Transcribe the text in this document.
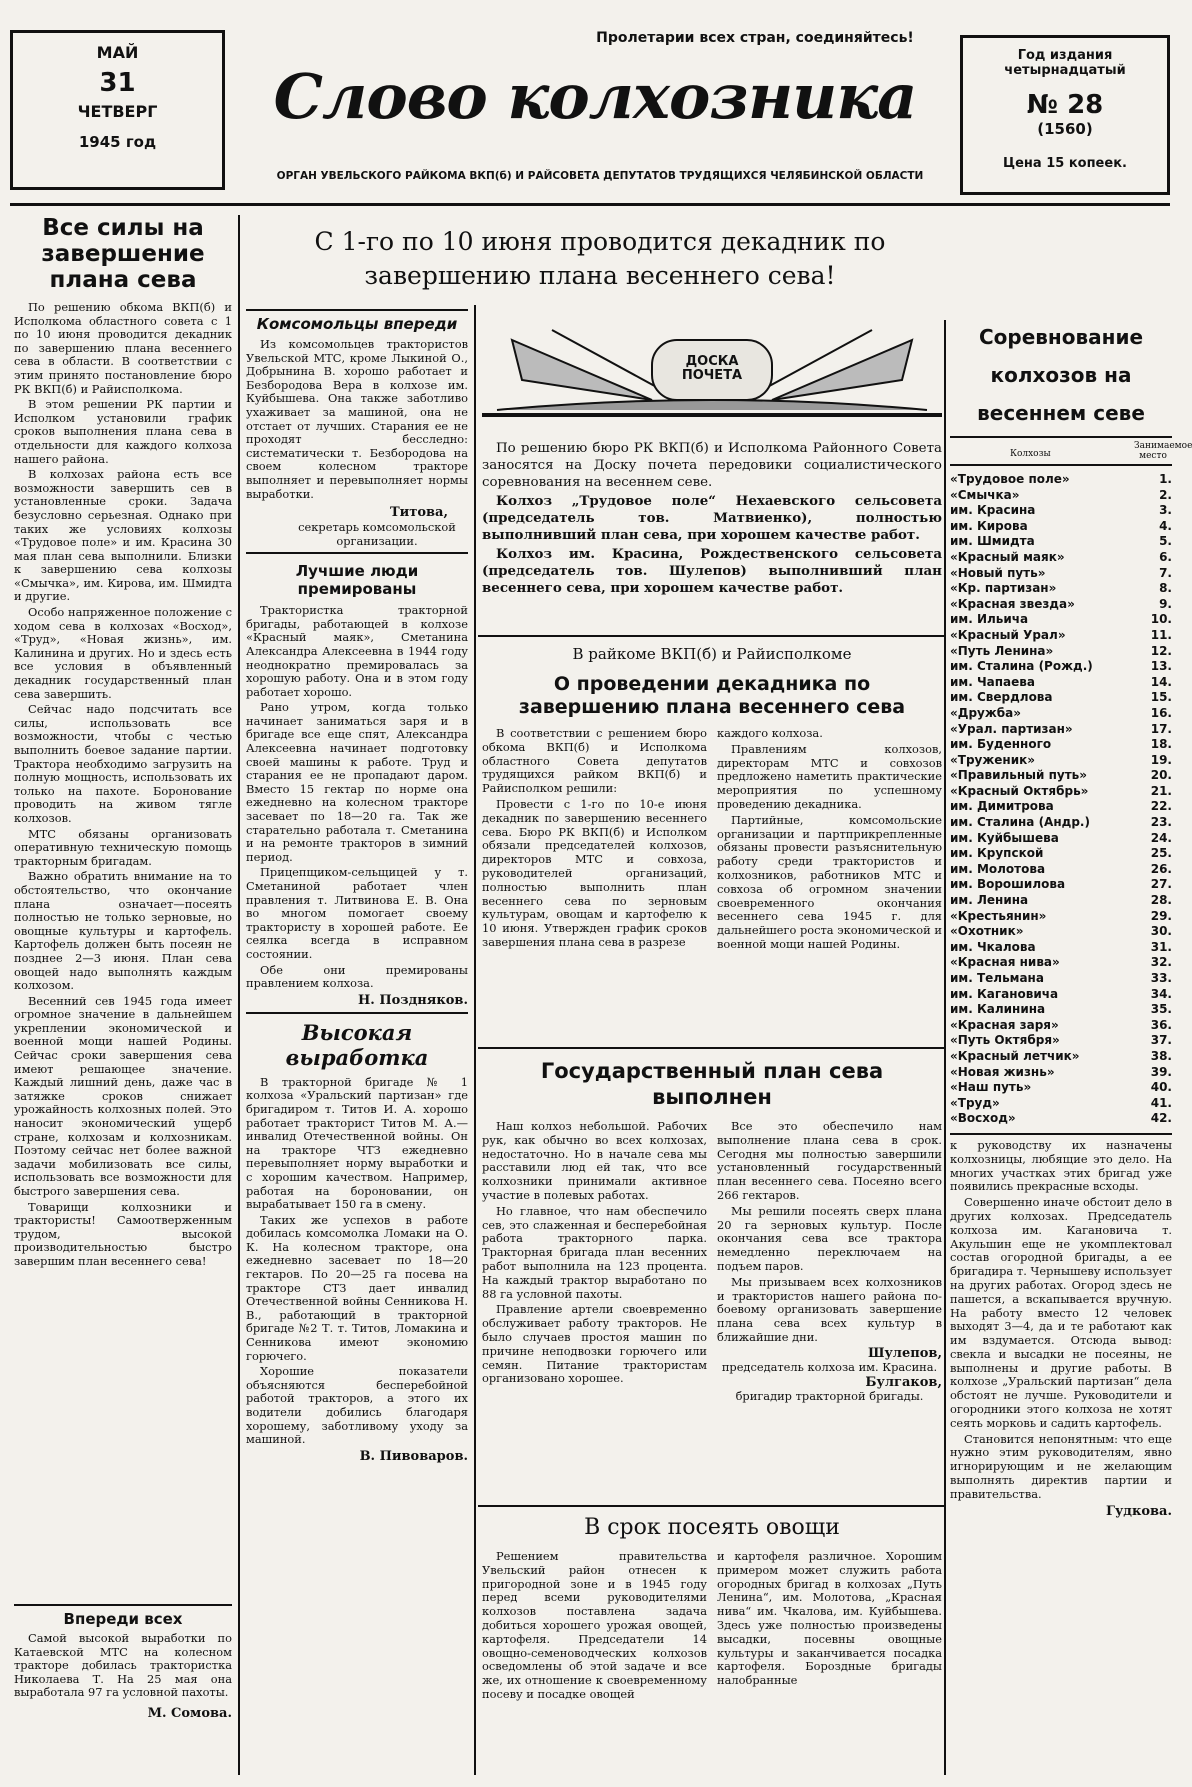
МАЙ
31
ЧЕТВЕРГ
1945 год
Пролетарии всех стран, соединяйтесь!
Слово колхозника
ОРГАН УВЕЛЬСКОГО РАЙКОМА ВКП(б) И РАЙСОВЕТА ДЕПУТАТОВ ТРУДЯЩИХСЯ ЧЕЛЯБИНСКОЙ ОБЛАСТИ
Год издания
четырнадцатый
№ 28
(1560)
Цена 15 копеек.
Все силы на завершение плана сева

По решению обкома ВКП(б) и Исполкома областного совета с 1 по 10 июня проводится декадник по завершению плана весеннего сева в области. В соответствии с этим принято постановление бюро РК ВКП(б) и Райисполкома.

В этом решении РК партии и Исполком установили график сроков выполнения плана сева в отдельности для каждого колхоза нашего района.

В колхозах района есть все возможности завершить сев в установленные сроки. Задача безусловно серьезная. Однако при таких же условиях колхозы «Трудовое поле» и им. Красина 30 мая план сева выполнили. Близки к завершению сева колхозы «Смычка», им. Кирова, им. Шмидта и другие.

Особо напряженное положение с ходом сева в колхозах «Восход», «Труд», «Новая жизнь», им. Калинина и других. Но и здесь есть все условия в объявленный декадник государственный план сева завершить.

Сейчас надо подсчитать все силы, использовать все возможности, чтобы с честью выполнить боевое задание партии. Трактора необходимо загрузить на полную мощность, использовать их только на пахоте. Боронование проводить на живом тягле колхозов.

МТС обязаны организовать оперативную техническую помощь тракторным бригадам.

Важно обратить внимание на то обстоятельство, что окончание плана означает—посеять полностью не только зерновые, но овощные культуры и картофель. Картофель должен быть посеян не позднее 2—3 июня. План сева овощей надо выполнять каждым колхозом.

Весенний сев 1945 года имеет огромное значение в дальнейшем укреплении экономической и военной мощи нашей Родины. Сейчас сроки завершения сева имеют решающее значение. Каждый лишний день, даже час в затяжке сроков снижает урожайность колхозных полей. Это наносит экономический ущерб стране, колхозам и колхозникам. Поэтому сейчас нет более важной задачи мобилизовать все силы, использовать все возможности для быстрого завершения сева.

Товарищи колхозники и трактористы! Самоотверженным трудом, высокой производительностью быстро завершим план весеннего сева!

Впереди всех
Самой высокой выработки по Катаевской МТС на колесном тракторе добилась трактористка Николаева Т. На 25 мая она выработала 97 га условной пахоты.
М. Сомова.
С 1-го по 10 июня проводится декадник по завершению плана весеннего сева!
Комсомольцы впереди
Из комсомольцев трактористов Увельской МТС, кроме Лыкиной О., Добрынина В. хорошо работает и Безбородова Вера в колхозе им. Куйбышева. Она также заботливо ухаживает за машиной, она не отстает от лучших. Старания ее не проходят бесследно: систематически т. Безбородова на своем колесном тракторе выполняет и перевыполняет нормы выработки.
Титова,
секретарь комсомольской организации.
Лучшие люди премированы

Трактористка тракторной бригады, работающей в колхозе «Красный маяк», Сметанина Александра Алексеевна в 1944 году неоднократно премировалась за хорошую работу. Она и в этом году работает хорошо.

Рано утром, когда только начинает заниматься заря и в бригаде все еще спят, Александра Алексеевна начинает подготовку своей машины к работе. Труд и старания ее не пропадают даром. Вместо 15 гектар по норме она ежедневно на колесном тракторе засевает по 18—20 га. Так же старательно работала т. Сметанина и на ремонте тракторов в зимний период.

Прицепщиком-сельщицей у т. Сметаниной работает член правления т. Литвинова Е. В. Она во многом помогает своему трактористу в хорошей работе. Ее сеялка всегда в исправном состоянии.

Обе они премированы правлением колхоза.

Н. Поздняков.
Высокая выработка

В тракторной бригаде № 1 колхоза «Уральский партизан» где бригадиром т. Титов И. А. хорошо работает тракторист Титов М. А.—инвалид Отечественной войны. Он на тракторе ЧТЗ ежедневно перевыполняет норму выработки и с хорошим качеством. Например, работая на бороновании, он вырабатывает 150 га в смену.

Таких же успехов в работе добилась комсомолка Ломаки на О. К. На колесном тракторе, она ежедневно засевает по 18—20 гектаров. По 20—25 га посева на тракторе СТЗ дает инвалид Отечественной войны Сенникова Н. В., работающий в тракторной бригаде №2 Т. т. Титов, Ломакина и Сенникова имеют экономию горючего.

Хорошие показатели объясняются бесперебойной работой тракторов, а этого их водители добились благодаря хорошему, заботливому уходу за машиной.

В. Пивоваров.
ДОСКА ПОЧЕТА

По решению бюро РК ВКП(б) и Исполкома Районного Совета заносятся на Доску почета передовики социалистического соревнования на весеннем севе.

Колхоз „Трудовое поле“ Нехаевского сельсовета (председатель тов. Матвиенко), полностью выполнивший план сева, при хорошем качестве работ.

Колхоз им. Красина, Рождественского сельсовета (председатель тов. Шулепов) выполнивший план весеннего сева, при хорошем качестве работ.

В райкоме ВКП(б) и Райисполкоме
О проведении декадника по завершению плана весеннего сева

В соответствии с решением бюро обкома ВКП(б) и Исполкома областного Совета депутатов трудящихся райком ВКП(б) и Райисполком решили:

Провести с 1-го по 10-е июня декадник по завершению весеннего сева. Бюро РК ВКП(б) и Исполком обязали председателей колхозов, директоров МТС и совхоза, руководителей организаций, полностью выполнить план весеннего сева по зерновым культурам, овощам и картофелю к 10 июня. Утвержден график сроков завершения плана сева в разрезе

каждого колхоза.

Правлениям колхозов, директорам МТС и совхозов предложено наметить практические мероприятия по успешному проведению декадника.

Партийные, комсомольские организации и партприкрепленные обязаны провести разъяснительную работу среди трактористов и колхозников, работников МТС и совхоза об огромном значении своевременного окончания весеннего сева 1945 г. для дальнейшего роста экономической и военной мощи нашей Родины.

Государственный план сева выполнен

Наш колхоз небольшой. Рабочих рук, как обычно во всех колхозах, недостаточно. Но в начале сева мы расставили люд ей так, что все колхозники принимали активное участие в полевых работах.

Но главное, что нам обеспечило сев, это слаженная и бесперебойная работа тракторного парка. Тракторная бригада план весенних работ выполнила на 123 процента. На каждый трактор выработано по 88 га условной пахоты.

Правление артели своевременно обслуживает работу тракторов. Не было случаев простоя машин по причине неподвозки горючего или семян. Питание трактористам организовано хорошее.

Все это обеспечило нам выполнение плана сева в срок. Сегодня мы полностью завершили установленный государственный план весеннего сева. Посеяно всего 266 гектаров.

Мы решили посеять сверх плана 20 га зерновых культур. После окончания сева все трактора немедленно переключаем на подъем паров.

Мы призываем всех колхозников и трактористов нашего района по-боевому организовать завершение плана сева всех культур в ближайшие дни.

Шулепов,
председатель колхоза им. Красина.
Булгаков,
бригадир тракторной бригады.
В срок посеять овощи
Решением правительства Увельский район отнесен к пригородной зоне и в 1945 году перед всеми руководителями колхозов поставлена задача добиться хорошего урожая овощей, картофеля. Председатели 14 овощно-семеноводческих колхозов осведомлены об этой задаче и все же, их отношение к своевременному посеву и посадке овощей
и картофеля различное. Хорошим примером может служить работа огородных бригад в колхозах „Путь Ленина“, им. Молотова, „Красная нива“ им. Чкалова, им. Куйбышева. Здесь уже полностью произведены высадки, посевны овощные культуры и заканчивается посадка картофеля. Бороздные бригады налобранные
Соревнование колхозов на весеннем севе
Колхозы
Занимаемое место
«Трудовое поле»	1.
«Смычка»	2.
им. Красина	3.
им. Кирова	4.
им. Шмидта	5.
«Красный маяк»	6.
«Новый путь»	7.
«Кр. партизан»	8.
«Красная звезда»	9.
им. Ильича	10.
«Красный Урал»	11.
«Путь Ленина»	12.
им. Сталина (Рожд.)	13.
им. Чапаева	14.
им. Свердлова	15.
«Дружба»	16.
«Урал. партизан»	17.
им. Буденного	18.
«Труженик»	19.
«Правильный путь»	20.
«Красный Октябрь»	21.
им. Димитрова	22.
им. Сталина (Андр.)	23.
им. Куйбышева	24.
им. Крупской	25.
им. Молотова	26.
им. Ворошилова	27.
им. Ленина	28.
«Крестьянин»	29.
«Охотник»	30.
им. Чкалова	31.
«Красная нива»	32.
им. Тельмана	33.
им. Кагановича	34.
им. Калинина	35.
«Красная заря»	36.
«Путь Октября»	37.
«Красный летчик»	38.
«Новая жизнь»	39.
«Наш путь»	40.
«Труд»	41.
«Восход»	42.

к руководству их назначены колхозницы, любящие это дело. На многих участках этих бригад уже появились прекрасные всходы.

Совершенно иначе обстоит дело в других колхозах. Председатель колхоза им. Кагановича т. Акульшин еще не укомплектовал состав огородной бригады, а ее бригадира т. Чернышеву использует на других работах. Огород здесь не пашется, а вскапывается вручную. На работу вместо 12 человек выходят 3—4, да и те работают как им вздумается. Отсюда вывод: свекла и высадки не посеяны, не выполнены и другие работы. В колхозе „Уральский партизан“ дела обстоят не лучше. Руководители и огородники этого колхоза не хотят сеять морковь и садить картофель.

Становится непонятным: что еще нужно этим руководителям, явно игнорирующим и не желающим выполнять директив партии и правительства.

Гудкова.
